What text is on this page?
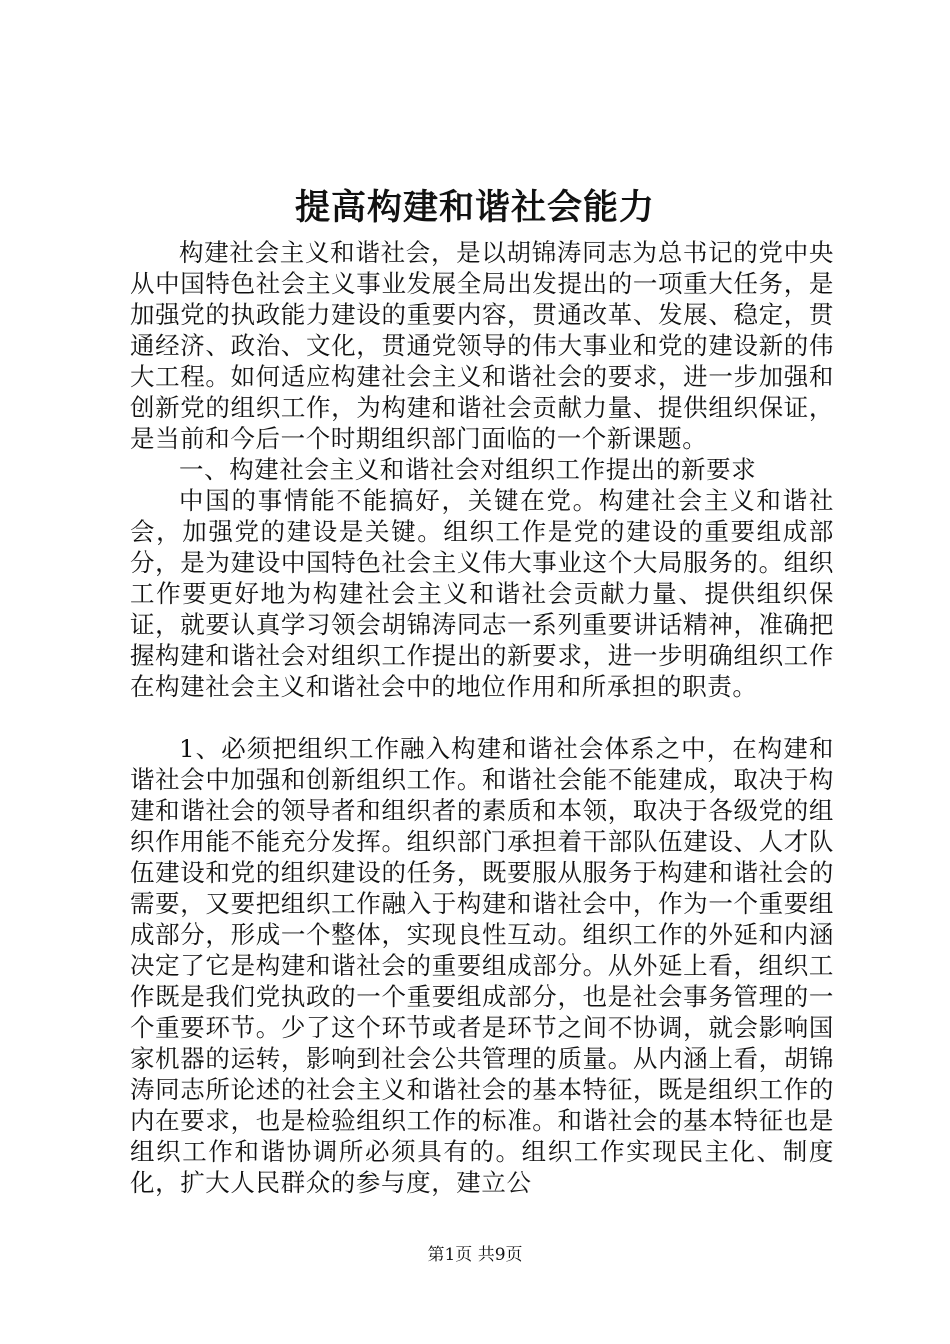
提高构建和谐社会能力

构建社会主义和谐社会，是以胡锦涛同志为总书记的党中央从中国特色社会主义事业发展全局出发提出的一项重大任务，是加强党的执政能力建设的重要内容，贯通改革、发展、稳定，贯通经济、政治、文化，贯通党领导的伟大事业和党的建设新的伟大工程。如何适应构建社会主义和谐社会的要求，进一步加强和创新党的组织工作，为构建和谐社会贡献力量、提供组织保证，是当前和今后一个时期组织部门面临的一个新课题。

一、构建社会主义和谐社会对组织工作提出的新要求

中国的事情能不能搞好，关键在党。构建社会主义和谐社会，加强党的建设是关键。组织工作是党的建设的重要组成部分，是为建设中国特色社会主义伟大事业这个大局服务的。组织工作要更好地为构建社会主义和谐社会贡献力量、提供组织保证，就要认真学习领会胡锦涛同志一系列重要讲话精神，准确把握构建和谐社会对组织工作提出的新要求，进一步明确组织工作在构建社会主义和谐社会中的地位作用和所承担的职责。

1、必须把组织工作融入构建和谐社会体系之中，在构建和谐社会中加强和创新组织工作。和谐社会能不能建成，取决于构建和谐社会的领导者和组织者的素质和本领，取决于各级党的组织作用能不能充分发挥。组织部门承担着干部队伍建设、人才队伍建设和党的组织建设的任务，既要服从服务于构建和谐社会的需要，又要把组织工作融入于构建和谐社会中，作为一个重要组成部分，形成一个整体，实现良性互动。组织工作的外延和内涵决定了它是构建和谐社会的重要组成部分。从外延上看，组织工作既是我们党执政的一个重要组成部分，也是社会事务管理的一个重要环节。少了这个环节或者是环节之间不协调，就会影响国家机器的运转，影响到社会公共管理的质量。从内涵上看，胡锦涛同志所论述的社会主义和谐社会的基本特征，既是组织工作的内在要求，也是检验组织工作的标准。和谐社会的基本特征也是组织工作和谐协调所必须具有的。组织工作实现民主化、制度化，扩大人民群众的参与度，建立公

第1页 共9页
